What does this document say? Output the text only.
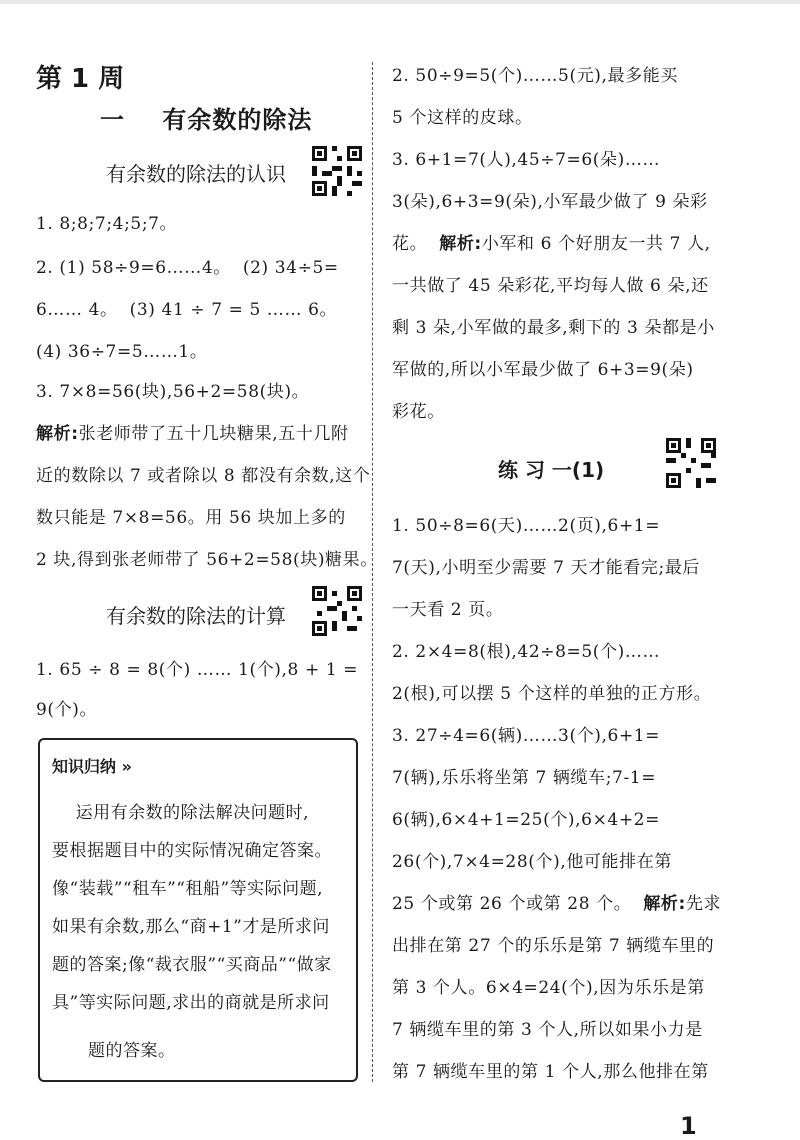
第 1 周
一    有余数的除法
有余数的除法的认识
1. 8;8;7;4;5;7。
2. (1) 58÷9=6……4。  (2) 34÷5=
6…… 4。  (3) 41 ÷ 7 = 5 …… 6。
(4) 36÷7=5……1。
3. 7×8=56(块),56+2=58(块)。
解析:张老师带了五十几块糖果,五十几附
近的数除以 7 或者除以 8 都没有余数,这个
数只能是 7×8=56。用 56 块加上多的
2 块,得到张老师带了 56+2=58(块)糖果。
有余数的除法的计算
1. 65 ÷ 8 = 8(个) …… 1(个),8 + 1 =
9(个)。
知识归纳 »
运用有余数的除法解决问题时,
要根据题目中的实际情况确定答案。
像“装载”“租车”“租船”等实际问题,
如果有余数,那么“商+1”才是所求问
题的答案;像“裁衣服”“买商品”“做家
具”等实际问题,求出的商就是所求问
题的答案。
2. 50÷9=5(个)……5(元),最多能买
5 个这样的皮球。
3. 6+1=7(人),45÷7=6(朵)……
3(朵),6+3=9(朵),小军最少做了 9 朵彩
花。  解析:小军和 6 个好朋友一共 7 人,
一共做了 45 朵彩花,平均每人做 6 朵,还
剩 3 朵,小军做的最多,剩下的 3 朵都是小
军做的,所以小军最少做了 6+3=9(朵)
彩花。
练 习 一(1)
1. 50÷8=6(天)……2(页),6+1=
7(天),小明至少需要 7 天才能看完;最后
一天看 2 页。
2. 2×4=8(根),42÷8=5(个)……
2(根),可以摆 5 个这样的单独的正方形。
3. 27÷4=6(辆)……3(个),6+1=
7(辆),乐乐将坐第 7 辆缆车;7-1=
6(辆),6×4+1=25(个),6×4+2=
26(个),7×4=28(个),他可能排在第
25 个或第 26 个或第 28 个。  解析:先求
出排在第 27 个的乐乐是第 7 辆缆车里的
第 3 个人。6×4=24(个),因为乐乐是第
7 辆缆车里的第 3 个人,所以如果小力是
第 7 辆缆车里的第 1 个人,那么他排在第
1
